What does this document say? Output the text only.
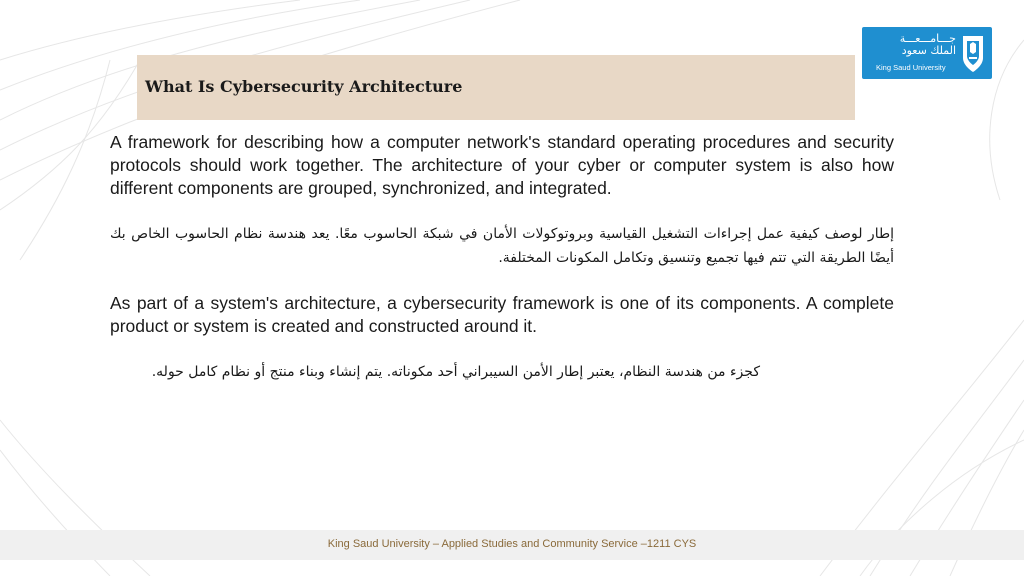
جـــامـــعـــة
الملك سعود
King Saud University
What Is Cybersecurity Architecture
A framework for describing how a computer network's standard operating procedures and security protocols should work together. The architecture of your cyber or computer system is also how different components are grouped, synchronized, and integrated.
إطار لوصف كيفية عمل إجراءات التشغيل القياسية وبروتوكولات الأمان في شبكة الحاسوب معًا. يعد هندسة نظام الحاسوب الخاص بك أيضًا الطريقة التي تتم فيها تجميع وتنسيق وتكامل المكونات المختلفة.
As part of a system's architecture, a cybersecurity framework is one of its components. A complete product or system is created and constructed around it.
كجزء من هندسة النظام، يعتبر إطار الأمن السيبراني أحد مكوناته. يتم إنشاء وبناء منتج أو نظام كامل حوله.
King Saud University – Applied Studies and Community Service –1211 CYS
